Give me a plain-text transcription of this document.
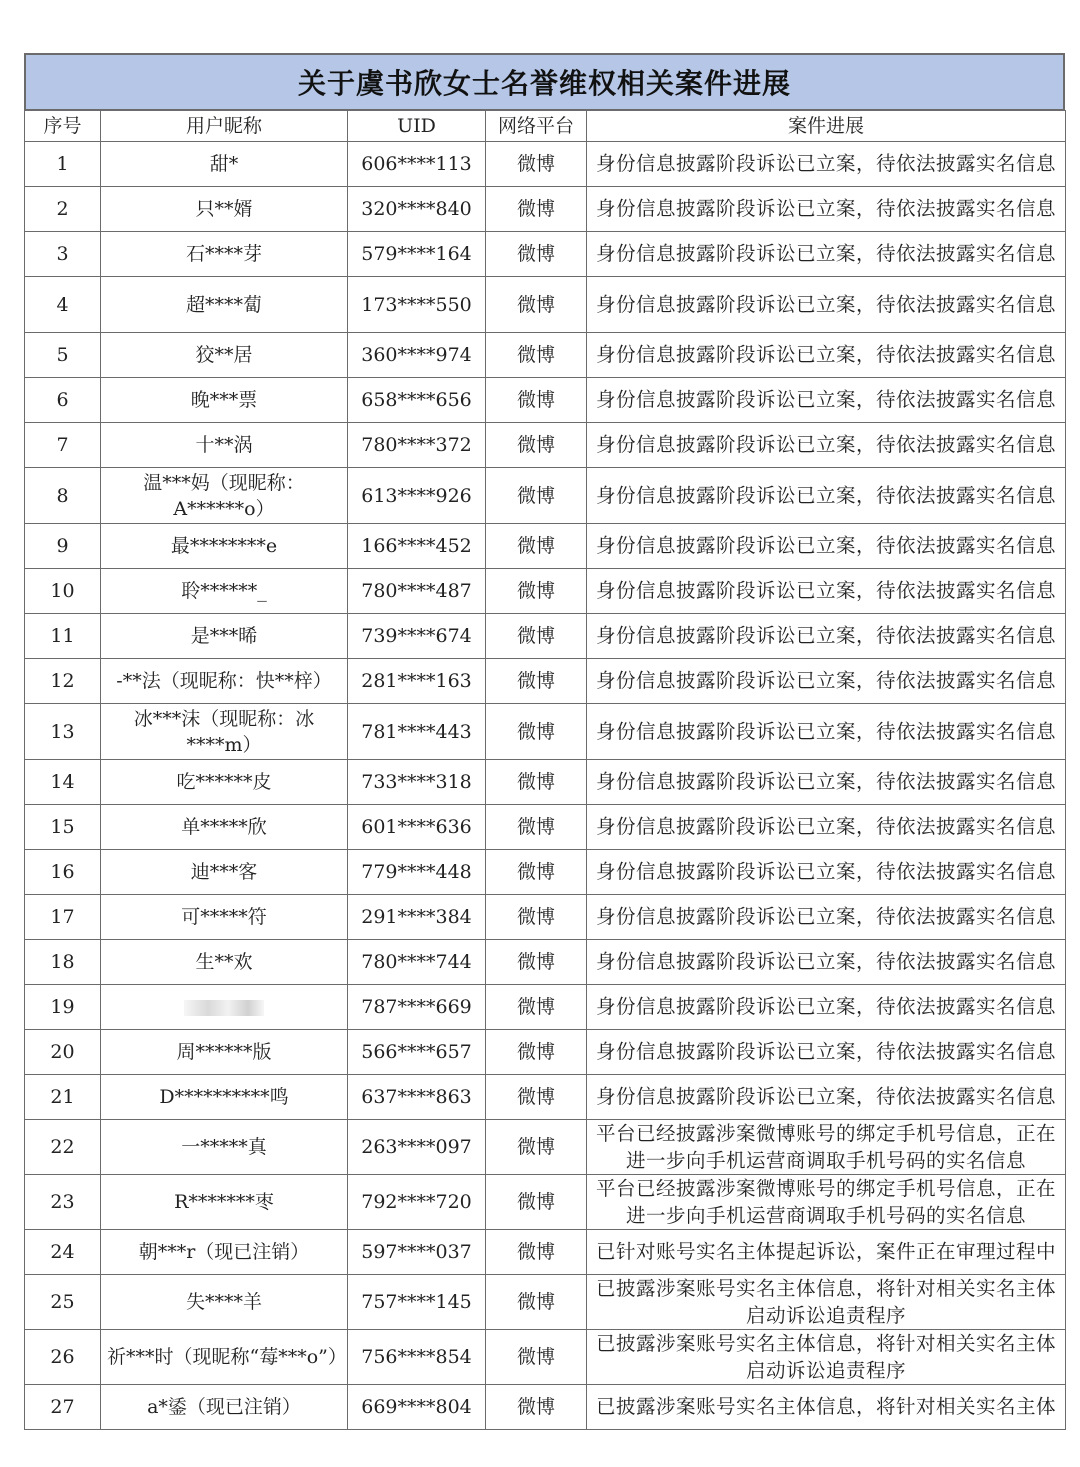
关于虞书欣女士名誉维权相关案件进展
序号	用户昵称	UID	网络平台	案件进展
1	甜*	606****113	微博	身份信息披露阶段诉讼已立案，待依法披露实名信息
2	只**婿	320****840	微博	身份信息披露阶段诉讼已立案，待依法披露实名信息
3	石****芽	579****164	微博	身份信息披露阶段诉讼已立案，待依法披露实名信息
4	超****蔔	173****550	微博	身份信息披露阶段诉讼已立案，待依法披露实名信息
5	狡**居	360****974	微博	身份信息披露阶段诉讼已立案，待依法披露实名信息
6	晚***票	658****656	微博	身份信息披露阶段诉讼已立案，待依法披露实名信息
7	十**涡	780****372	微博	身份信息披露阶段诉讼已立案，待依法披露实名信息
8	温***妈（现昵称：A******o）	613****926	微博	身份信息披露阶段诉讼已立案，待依法披露实名信息
9	最********e	166****452	微博	身份信息披露阶段诉讼已立案，待依法披露实名信息
10	聆******_	780****487	微博	身份信息披露阶段诉讼已立案，待依法披露实名信息
11	是***晞	739****674	微博	身份信息披露阶段诉讼已立案，待依法披露实名信息
12	-**法（现昵称：快**梓）	281****163	微博	身份信息披露阶段诉讼已立案，待依法披露实名信息
13	冰***沫（现昵称：冰****m）	781****443	微博	身份信息披露阶段诉讼已立案，待依法披露实名信息
14	吃******皮	733****318	微博	身份信息披露阶段诉讼已立案，待依法披露实名信息
15	单*****欣	601****636	微博	身份信息披露阶段诉讼已立案，待依法披露实名信息
16	迪***客	779****448	微博	身份信息披露阶段诉讼已立案，待依法披露实名信息
17	可*****符	291****384	微博	身份信息披露阶段诉讼已立案，待依法披露实名信息
18	生**欢	780****744	微博	身份信息披露阶段诉讼已立案，待依法披露实名信息
19		787****669	微博	身份信息披露阶段诉讼已立案，待依法披露实名信息
20	周******版	566****657	微博	身份信息披露阶段诉讼已立案，待依法披露实名信息
21	D**********鸣	637****863	微博	身份信息披露阶段诉讼已立案，待依法披露实名信息
22	一*****真	263****097	微博	平台已经披露涉案微博账号的绑定手机号信息，正在进一步向手机运营商调取手机号码的实名信息
23	R*******枣	792****720	微博	平台已经披露涉案微博账号的绑定手机号信息，正在进一步向手机运营商调取手机号码的实名信息
24	朝***r（现已注销）	597****037	微博	已针对账号实名主体提起诉讼，案件正在审理过程中
25	失****羊	757****145	微博	已披露涉案账号实名主体信息，将针对相关实名主体启动诉讼追责程序
26	祈***时（现昵称“莓***o”）	756****854	微博	已披露涉案账号实名主体信息，将针对相关实名主体启动诉讼追责程序
27	a*鋈（现已注销）	669****804	微博	已披露涉案账号实名主体信息，将针对相关实名主体
